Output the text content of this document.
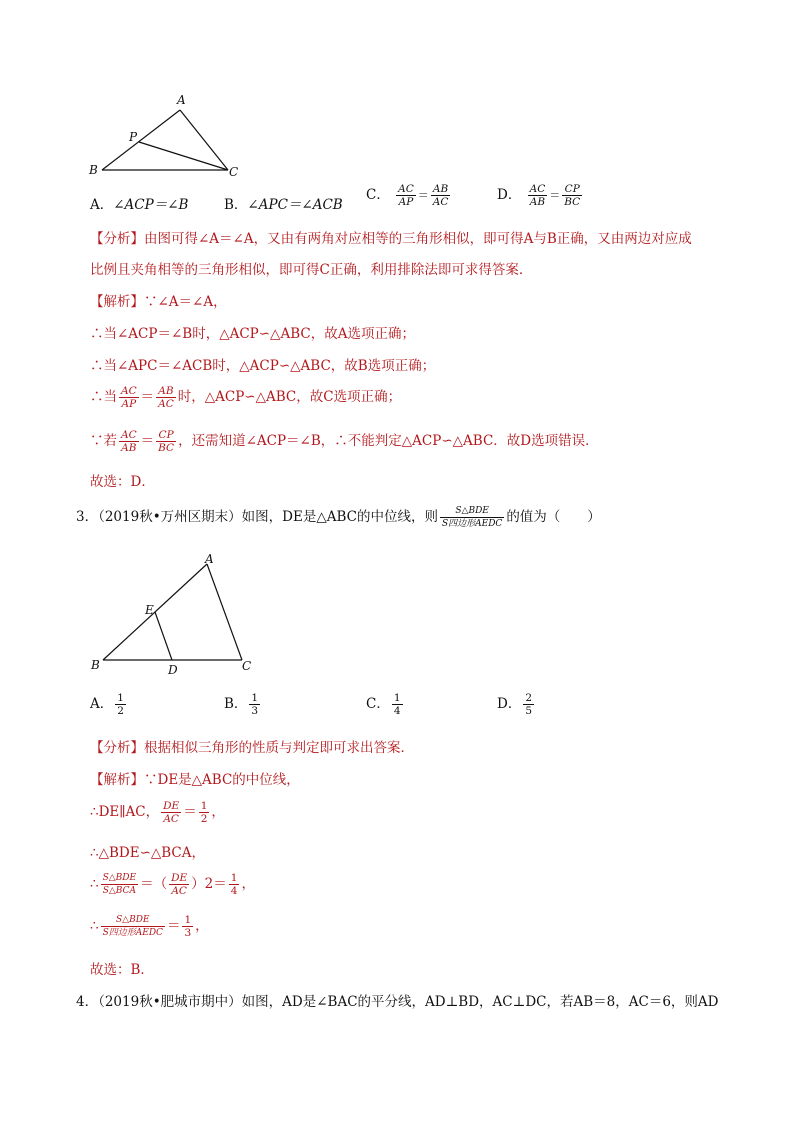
A
P
B	C
A．∠ACP＝∠B	B．∠APC＝∠ACB
C． $\frac{AC}{AP} = \frac{AB}{AC}$	D． $\frac{AC}{AB} = \frac{CP}{BC}$
【分析】由图可得∠A＝∠A，又由有两角对应相等的三角形相似，即可得A与B正确，又由两边对应成
比例且夹角相等的三角形相似，即可得C正确，利用排除法即可求得答案．
【解析】∵∠A＝∠A，
∴当∠ACP＝∠B时，△ACP∽△ABC，故A选项正确；
∴当∠APC＝∠ACB时，△ACP∽△ABC，故B选项正确；
∴当 $\frac{AC}{AP} = \frac{AB}{AC}$ 时，△ACP∽△ABC，故C选项正确；
∵若 $\frac{AC}{AB} = \frac{CP}{BC}$ ，还需知道∠ACP＝∠B，∴不能判定△ACP∽△ABC．故D选项错误．
故选：D．
3．（2019秋•万州区期末）如图，DE是△ABC的中位线，则 $\frac{\text{S△BDE}}{\text{S四边形AEDC}}$ 的值为（　　）
A
E
B	D	C
A． $\frac{1}{2}$	B． $\frac{1}{3}$	C． $\frac{1}{4}$	D． $\frac{2}{5}$
【分析】根据相似三角形的性质与判定即可求出答案．
【解析】∵DE是△ABC的中位线，
∴DE∥AC， $\frac{DE}{AC} = \frac{1}{2}$ ，
∴△BDE∽△BCA，
∴ $\frac{\text{S△BDE}}{\text{S△BCA}}$ ＝（ $\frac{DE}{AC} )2= \frac{1}{4}$ ，
∴ $\frac{\text{S△BDE}}{\text{S四边形AEDC}} = \frac{1}{3}$ ，
故选：B．
4．（2019秋•肥城市期中）如图，AD是∠BAC的平分线，AD⊥BD，AC⊥DC，若AB＝8，AC＝6，则AD
